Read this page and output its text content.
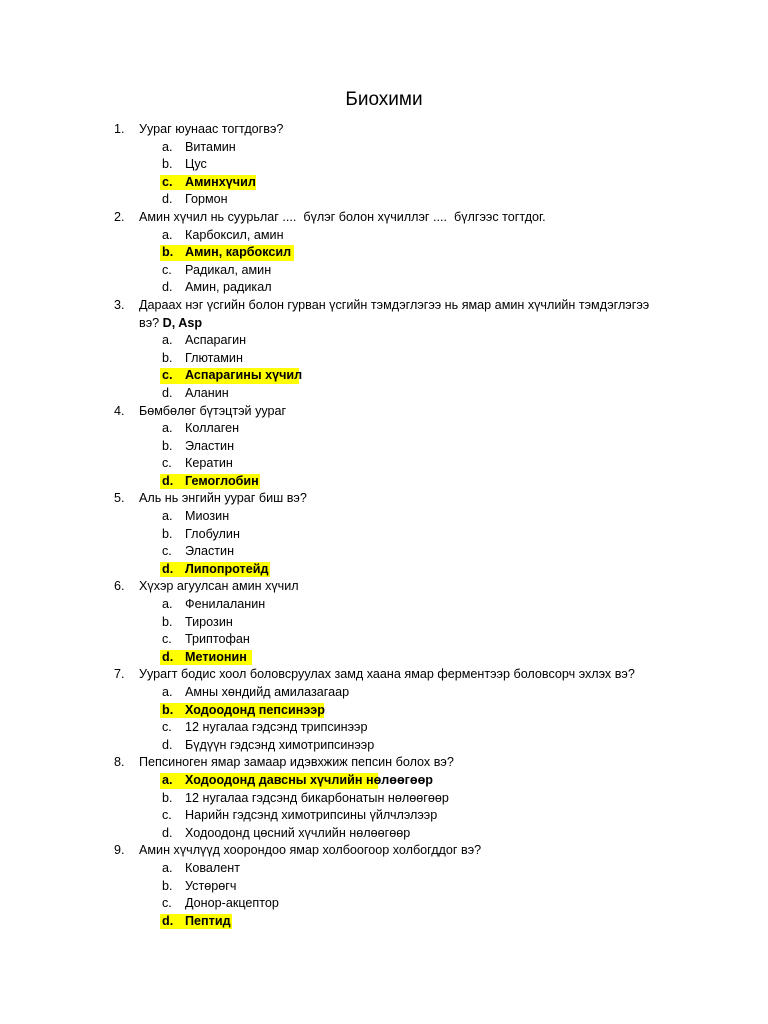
Биохими
1. Уураг юунаас тогтдогвэ?
a. Витамин
b. Цус
c. Аминхүчил
d. Гормон
2. Амин хүчил нь суурьлаг ....  бүлэг болон хүчиллэг ....  бүлгээс тогтдог.
a. Карбоксил, амин
b. Амин, карбоксил
c. Радикал, амин
d. Амин, радикал
3. Дараах нэг үсгийн болон гурван үсгийн тэмдэглэгээ нь ямар амин хүчлийн тэмдэглэгээ
вэ? D, Asp
a. Аспарагин
b. Глютамин
c. Аспарагины хүчил
d. Аланин
4. Бөмбөлөг бүтэцтэй уураг
a. Коллаген
b. Эластин
c. Кератин
d. Гемоглобин
5. Аль нь энгийн уураг биш вэ?
a. Миозин
b. Глобулин
c. Эластин
d. Липопротейд
6. Хүхэр агуулсан амин хүчил
a. Фенилаланин
b. Тирозин
c. Триптофан
d. Метионин
7. Уурагт бодис хоол боловсруулах замд хаана ямар ферментээр боловсорч эхлэх вэ?
a. Амны хөндийд амилазагаар
b. Ходоодонд пепсинээр
c. 12 нугалаа гэдсэнд трипсинээр
d. Бүдүүн гэдсэнд химотрипсинээр
8. Пепсиноген ямар замаар идэвхжиж пепсин болох вэ?
a. Ходоодонд давсны хүчлийн нөлөөгөөр
b. 12 нугалаа гэдсэнд бикарбонатын нөлөөгөөр
c. Нарийн гэдсэнд химотрипсины үйлчлэлээр
d. Ходоодонд цөсний хүчлийн нөлөөгөөр
9. Амин хүчлүүд хоорондоо ямар холбоогоор холбогддог вэ?
a. Ковалент
b. Устөрөгч
c. Донор-акцептор
d. Пептид
